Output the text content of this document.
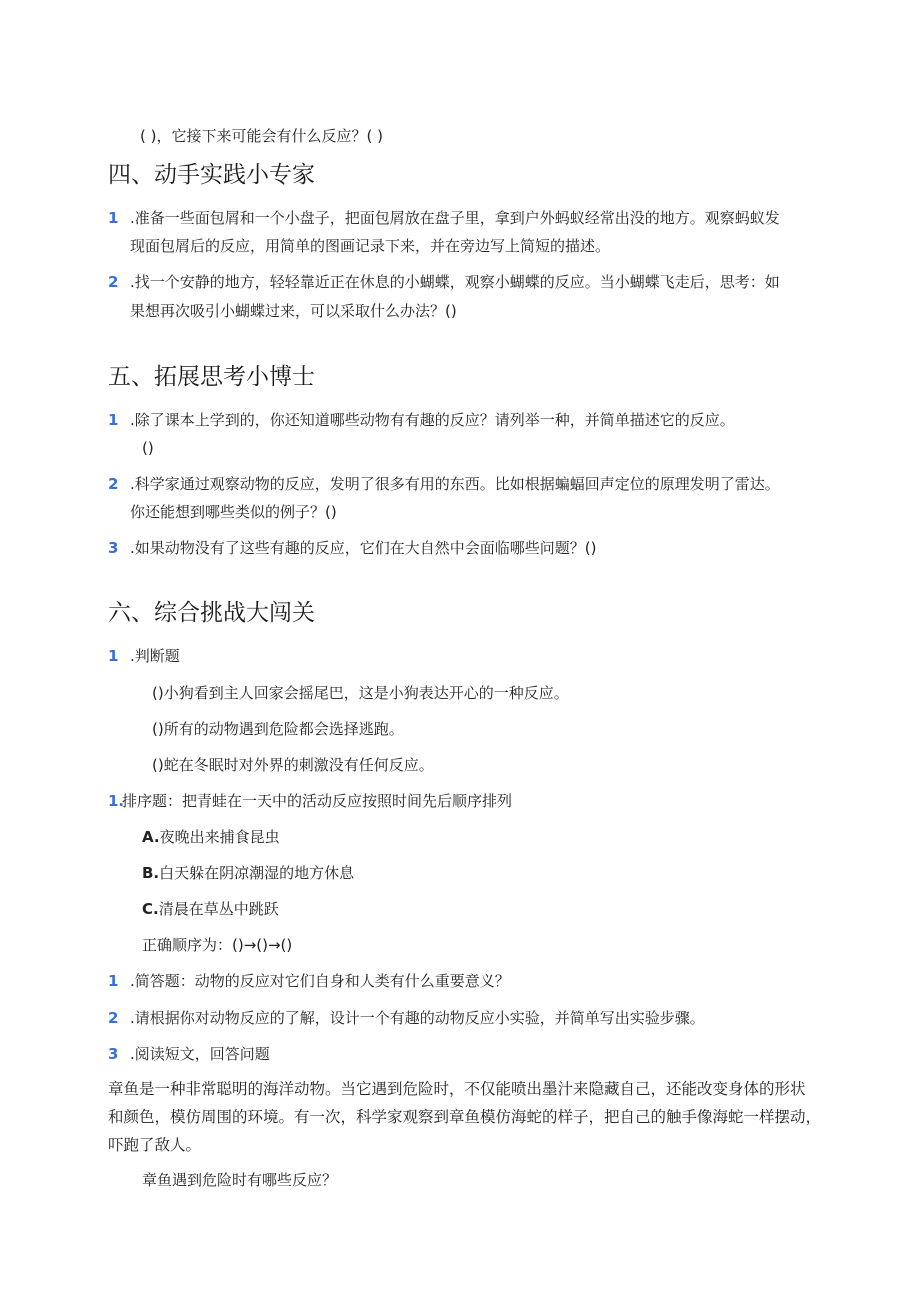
( )，它接下来可能会有什么反应？( )
四、动手实践小专家
1 .准备一些面包屑和一个小盘子，把面包屑放在盘子里，拿到户外蚂蚁经常出没的地方。观察蚂蚁发
现面包屑后的反应，用简单的图画记录下来，并在旁边写上简短的描述。
2 .找一个安静的地方，轻轻靠近正在休息的小蝴蝶，观察小蝴蝶的反应。当小蝴蝶飞走后，思考：如
果想再次吸引小蝴蝶过来，可以采取什么办法？()
五、拓展思考小博士
1 .除了课本上学到的，你还知道哪些动物有有趣的反应？请列举一种，并简单描述它的反应。
()
2 .科学家通过观察动物的反应，发明了很多有用的东西。比如根据蝙蝠回声定位的原理发明了雷达。
你还能想到哪些类似的例子？()
3 .如果动物没有了这些有趣的反应，它们在大自然中会面临哪些问题？()
六、综合挑战大闯关
1 .判断题
()小狗看到主人回家会摇尾巴，这是小狗表达开心的一种反应。
()所有的动物遇到危险都会选择逃跑。
()蛇在冬眠时对外界的刺激没有任何反应。
1.
排序题：把青蛙在一天中的活动反应按照时间先后顺序排列
A.夜晚出来捕食昆虫
B.白天躲在阴凉潮湿的地方休息
C.清晨在草丛中跳跃
正确顺序为：()→()→()
1 .简答题：动物的反应对它们自身和人类有什么重要意义？
2 .请根据你对动物反应的了解，设计一个有趣的动物反应小实验，并简单写出实验步骤。
3 .阅读短文，回答问题
章鱼是一种非常聪明的海洋动物。当它遇到危险时，不仅能喷出墨汁来隐藏自己，还能改变身体的形状
和颜色，模仿周围的环境。有一次，科学家观察到章鱼模仿海蛇的样子，把自己的触手像海蛇一样摆动，
吓跑了敌人。
章鱼遇到危险时有哪些反应？
